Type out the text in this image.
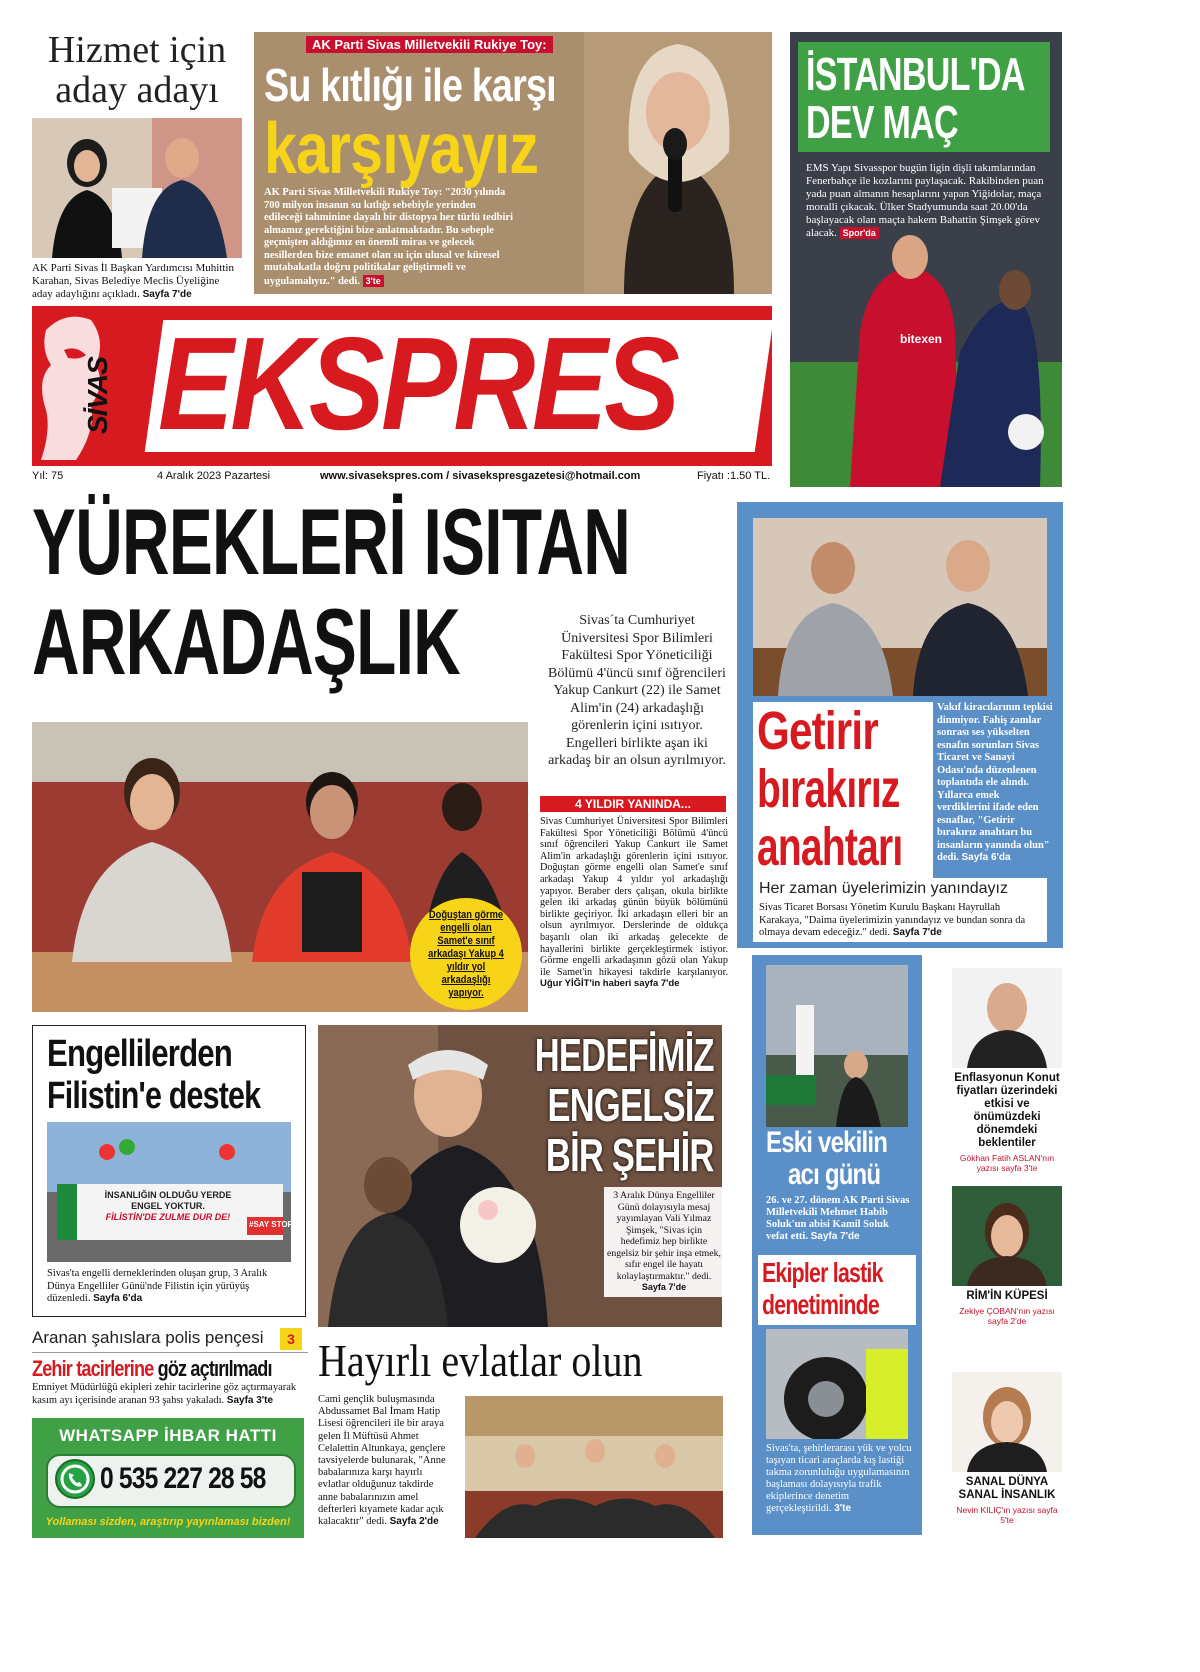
Hizmet için aday adayı
AK Parti Sivas İl Başkan Yardımcısı Muhittin Karahan, Sivas Belediye Meclis Üyeliğine aday adaylığını açıkladı. Sayfa 7'de
AK Parti Sivas Milletvekili Rukiye Toy:
Su kıtlığı ile karşı
karşıyayız
AK Parti Sivas Milletvekili Rukiye Toy: "2030 yılında 700 milyon insanın su kıtlığı sebebiyle yerinden edileceği tahminine dayalı bir distopya her türlü tedbiri almamız gerektiğini bize anlatmaktadır. Bu sebeple geçmişten aldığımız en önemli miras ve gelecek nesillerden bize emanet olan su için ulusal ve küresel mutabakatla doğru politikalar geliştirmeli ve uygulamalıyız." dedi. 3'te
bitexen
İSTANBUL'DA
DEV MAÇ
EMS Yapı Sivasspor bugün ligin dişli takımlarından Fenerbahçe ile kozlarını paylaşacak. Rakibinden puan yada puan almanın hesaplarını yapan Yiğidolar, maça moralli çıkacak. Ülker Stadyumunda saat 20.00'da başlayacak olan maçta hakem Bahattin Şimşek görev alacak. Spor'da
SİVAS EKSPRES
Yıl: 75	4 Aralık 2023 Pazartesi	www.sivasekspres.com / sivasekspresgazetesi@hotmail.com	Fiyatı :1.50 TL.
YÜREKLERİ ISITAN
ARKADAŞLIK	Sivas´ta Cumhuriyet Üniversitesi Spor Bilimleri Fakültesi Spor Yöneticiliği Bölümü 4'üncü sınıf öğrencileri Yakup Cankurt (22) ile Samet Alim'in (24) arkadaşlığı görenlerin içini ısıtıyor. Engelleri birlikte aşan iki arkadaş bir an olsun ayrılmıyor.
Doğuştan görme engelli olan Samet'e sınıf arkadaşı Yakup 4 yıldır yol arkadaşlığı yapıyor.
4 YILDIR YANINDA...
Sivas Cumhuriyet Üniversitesi Spor Bilimleri Fakültesi Spor Yöneticiliği Bölümü 4'üncü sınıf öğrencileri Yakup Cankurt ile Samet Alim'in arkadaşlığı görenlerin içini ısıtıyor. Doğuştan görme engelli olan Samet'e sınıf arkadaşı Yakup 4 yıldır yol arkadaşlığı yapıyor. Beraber ders çalışan, okula birlikte gelen iki arkadaş günün büyük bölümünü birlikte geçiriyor. İki arkadaşın elleri bir an olsun ayrılmıyor. Derslerinde de oldukça başarılı olan iki arkadaş gelecekte de hayallerini birlikte gerçekleştirmek istiyor. Görme engelli arkadaşının gözü olan Yakup ile Samet'in hikayesi takdirle karşılanıyor. Uğur YİĞİT'in haberi sayfa 7'de
Getirir
bırakırız
anahtarı
Vakıf kiracılarının tepkisi dinmiyor. Fahiş zamlar sonrası ses yükselten esnafın sorunları Sivas Ticaret ve Sanayi Odası'nda düzenlenen toplantıda ele alındı. Yıllarca emek verdiklerini ifade eden esnaflar, "Getirir bırakırız anahtarı bu insanların yanında olun" dedi. Sayfa 6'da
Her zaman üyelerimizin yanındayız
Sivas Ticaret Borsası Yönetim Kurulu Başkanı Hayrullah Karakaya, "Daima üyelerimizin yanındayız ve bundan sonra da olmaya devam edeceğiz." dedi. Sayfa 7'de
Engellilerden
Filistin'e destek
İNSANLIĞIN OLDUĞU YERDE
ENGEL YOKTUR.
FİLİSTİN'DE ZULME DUR DE!
#SAY STOP!
Sivas'ta engelli derneklerinden oluşan grup, 3 Aralık Dünya Engelliler Günü'nde Filistin için yürüyüş düzenledi. Sayfa 6'da
HEDEFİMİZ
ENGELSİZ
BİR ŞEHİR
3 Aralık Dünya Engelliler Günü dolayısıyla mesaj yayımlayan Vali Yılmaz Şimşek, "Sivas için hedefimiz hep birlikte engelsiz bir şehir inşa etmek, sıfır engel ile hayatı kolaylaştırmaktır." dedi. Sayfa 7'de
Eski vekilin
acı günü
26. ve 27. dönem AK Parti Sivas Milletvekili Mehmet Habib Soluk'un abisi Kamil Soluk vefat etti. Sayfa 7'de
Ekipler lastik
denetiminde
Sivas'ta, şehirlerarası yük ve yolcu taşıyan ticari araçlarda kış lastiği takma zorunluluğu uygulamasının başlaması dolayısıyla trafik ekiplerince denetim gerçekleştirildi. 3'te
Enflasyonun Konut fiyatları üzerindeki etkisi ve önümüzdeki dönemdeki beklentiler
Gökhan Fatih ASLAN'nın yazısı sayfa 3'te
RİM'İN KÜPESİ
Zekiye ÇOBAN'nın yazısı sayfa 2'de
SANAL DÜNYA SANAL İNSANLIK
Nevin KILIÇ'ın yazısı sayfa 5'te
Aranan şahıslara polis pençesi	3
Zehir tacirlerine göz açtırılmadı
Emniyet Müdürlüğü ekipleri zehir tacirlerine göz açtırmayarak kasım ayı içerisinde aranan 93 şahsı yakaladı. Sayfa 3'te
WHATSAPP İHBAR HATTI
0 535 227 28 58
Yollaması sizden, araştırıp yayınlaması bizden!
Hayırlı evlatlar olun
Cami gençlik buluşmasında Abdussamet Bal İmam Hatip Lisesi öğrencileri ile bir araya gelen İl Müftüsü Ahmet Celalettin Altunkaya, gençlere tavsiyelerde bulunarak, "Anne babalarınıza karşı hayırlı evlatlar olduğunuz takdirde anne babalarınızın amel defterleri kıyamete kadar açık kalacaktır" dedi. Sayfa 2'de
